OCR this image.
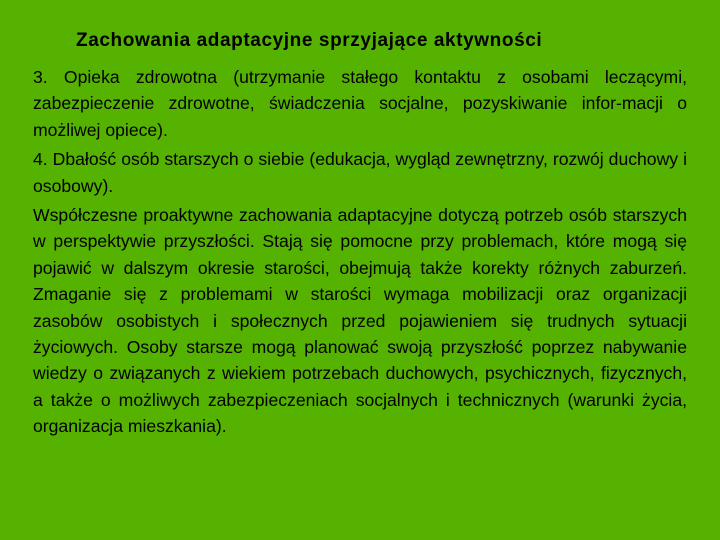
Zachowania adaptacyjne sprzyjające aktywności

3. Opieka zdrowotna (utrzymanie stałego kontaktu z osobami leczącymi, zabezpieczenie zdrowotne, świadczenia socjalne, pozyskiwanie infor-macji o możliwej opiece).

4. Dbałość osób starszych o siebie (edukacja, wygląd zewnętrzny, rozwój duchowy i osobowy).

Współczesne proaktywne zachowania adaptacyjne dotyczą potrzeb osób starszych w perspektywie przyszłości. Stają się pomocne przy problemach, które mogą się pojawić w dalszym okresie starości, obejmują także korekty różnych zaburzeń. Zmaganie się z problemami w starości wymaga mobilizacji oraz organizacji zasobów osobistych i społecznych przed pojawieniem się trudnych sytuacji życiowych. Osoby starsze mogą planować swoją przyszłość poprzez nabywanie wiedzy o związanych z wiekiem potrzebach duchowych, psychicznych, fizycznych, a także o możliwych zabezpieczeniach socjalnych i technicznych (warunki życia, organizacja mieszkania).
